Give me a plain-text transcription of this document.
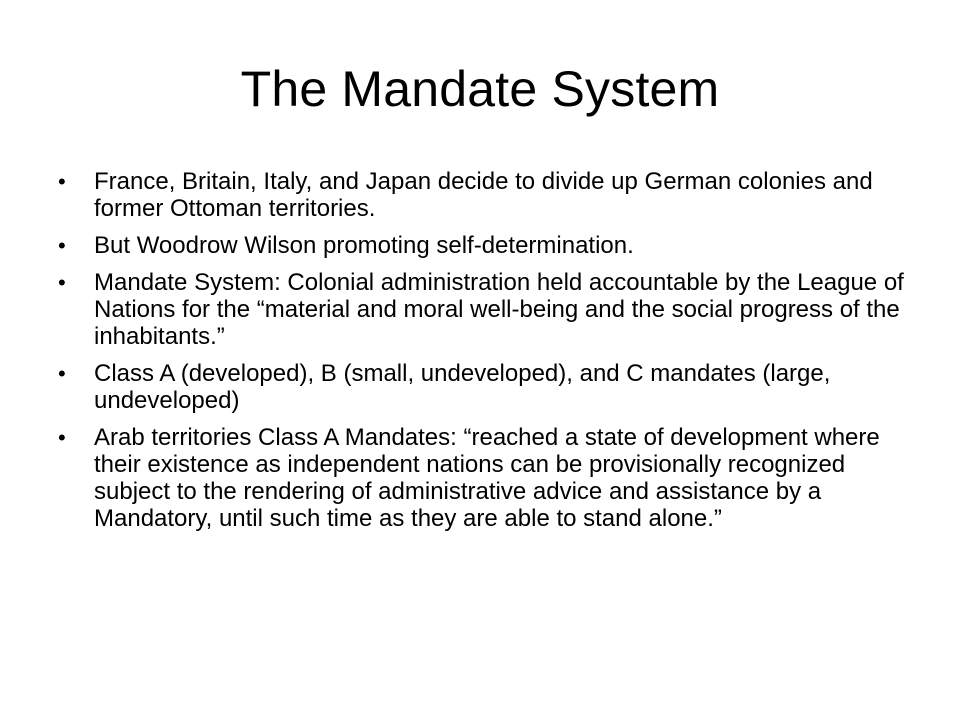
The Mandate System
• France, Britain, Italy, and Japan decide to divide up German colonies and former Ottoman territories.
• But Woodrow Wilson promoting self-determination.
• Mandate System: Colonial administration held accountable by the League of Nations for the “material and moral well-being and the social progress of the inhabitants.”
• Class A (developed), B (small, undeveloped), and C mandates (large, undeveloped)
• Arab territories Class A Mandates: “reached a state of development where their existence as independent nations can be provisionally recognized subject to the rendering of administrative advice and assistance by a Mandatory, until such time as they are able to stand alone.”
